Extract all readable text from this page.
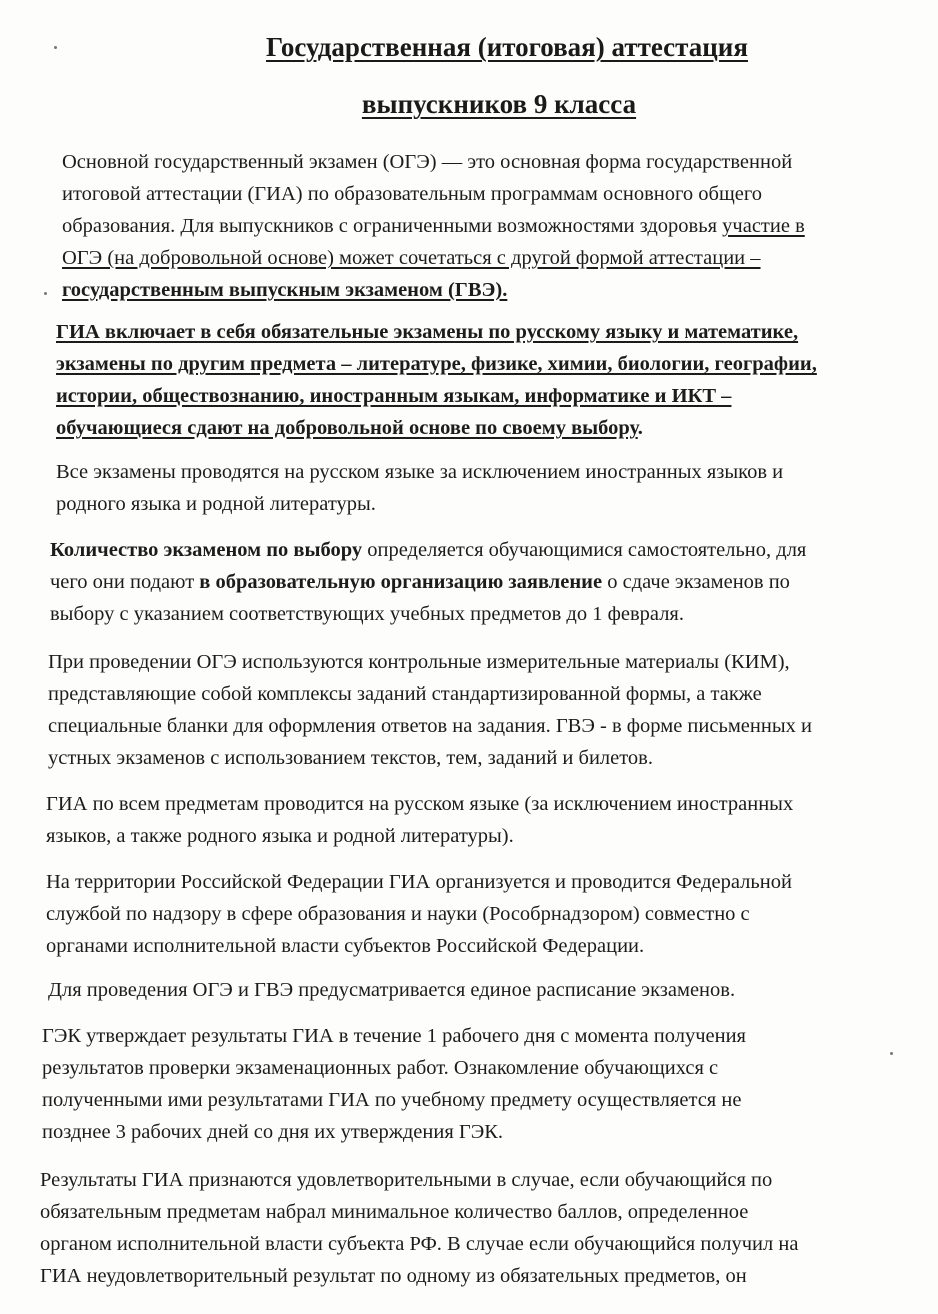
Государственная (итоговая) аттестация
выпускников 9 класса

Основной государственный экзамен (ОГЭ) — это основная форма государственной
итоговой аттестации (ГИА) по образовательным программам основного общего
образования. Для выпускников с ограниченными возможностями здоровья участие в
ОГЭ (на добровольной основе) может сочетаться с другой формой аттестации –
государственным выпускным экзаменом (ГВЭ).

ГИА включает в себя обязательные экзамены по русскому языку и математике,
экзамены по другим предмета – литературе, физике, химии, биологии, географии,
истории, обществознанию, иностранным языкам, информатике и ИКТ –
обучающиеся сдают на добровольной основе по своему выбору.

Все экзамены проводятся на русском языке за исключением иностранных языков и
родного языка и родной литературы.

Количество экзаменом по выбору определяется обучающимися самостоятельно, для
чего они подают в образовательную организацию заявление о сдаче экзаменов по
выбору с указанием соответствующих учебных предметов до 1 февраля.

При проведении ОГЭ используются контрольные измерительные материалы (КИМ),
представляющие собой комплексы заданий стандартизированной формы, а также
специальные бланки для оформления ответов на задания. ГВЭ - в форме письменных и
устных экзаменов с использованием текстов, тем, заданий и билетов.

ГИА по всем предметам проводится на русском языке (за исключением иностранных
языков, а также родного языка и родной литературы).

На территории Российской Федерации ГИА организуется и проводится Федеральной
службой по надзору в сфере образования и науки (Рособрнадзором) совместно с
органами исполнительной власти субъектов Российской Федерации.

Для проведения ОГЭ и ГВЭ предусматривается единое расписание экзаменов.

ГЭК утверждает результаты ГИА в течение 1 рабочего дня с момента получения
результатов проверки экзаменационных работ. Ознакомление обучающихся с
полученными ими результатами ГИА по учебному предмету осуществляется не
позднее 3 рабочих дней со дня их утверждения ГЭК.

Результаты ГИА признаются удовлетворительными в случае, если обучающийся по
обязательным предметам набрал минимальное количество баллов, определенное
органом исполнительной власти субъекта РФ. В случае если обучающийся получил на
ГИА неудовлетворительный результат по одному из обязательных предметов, он
